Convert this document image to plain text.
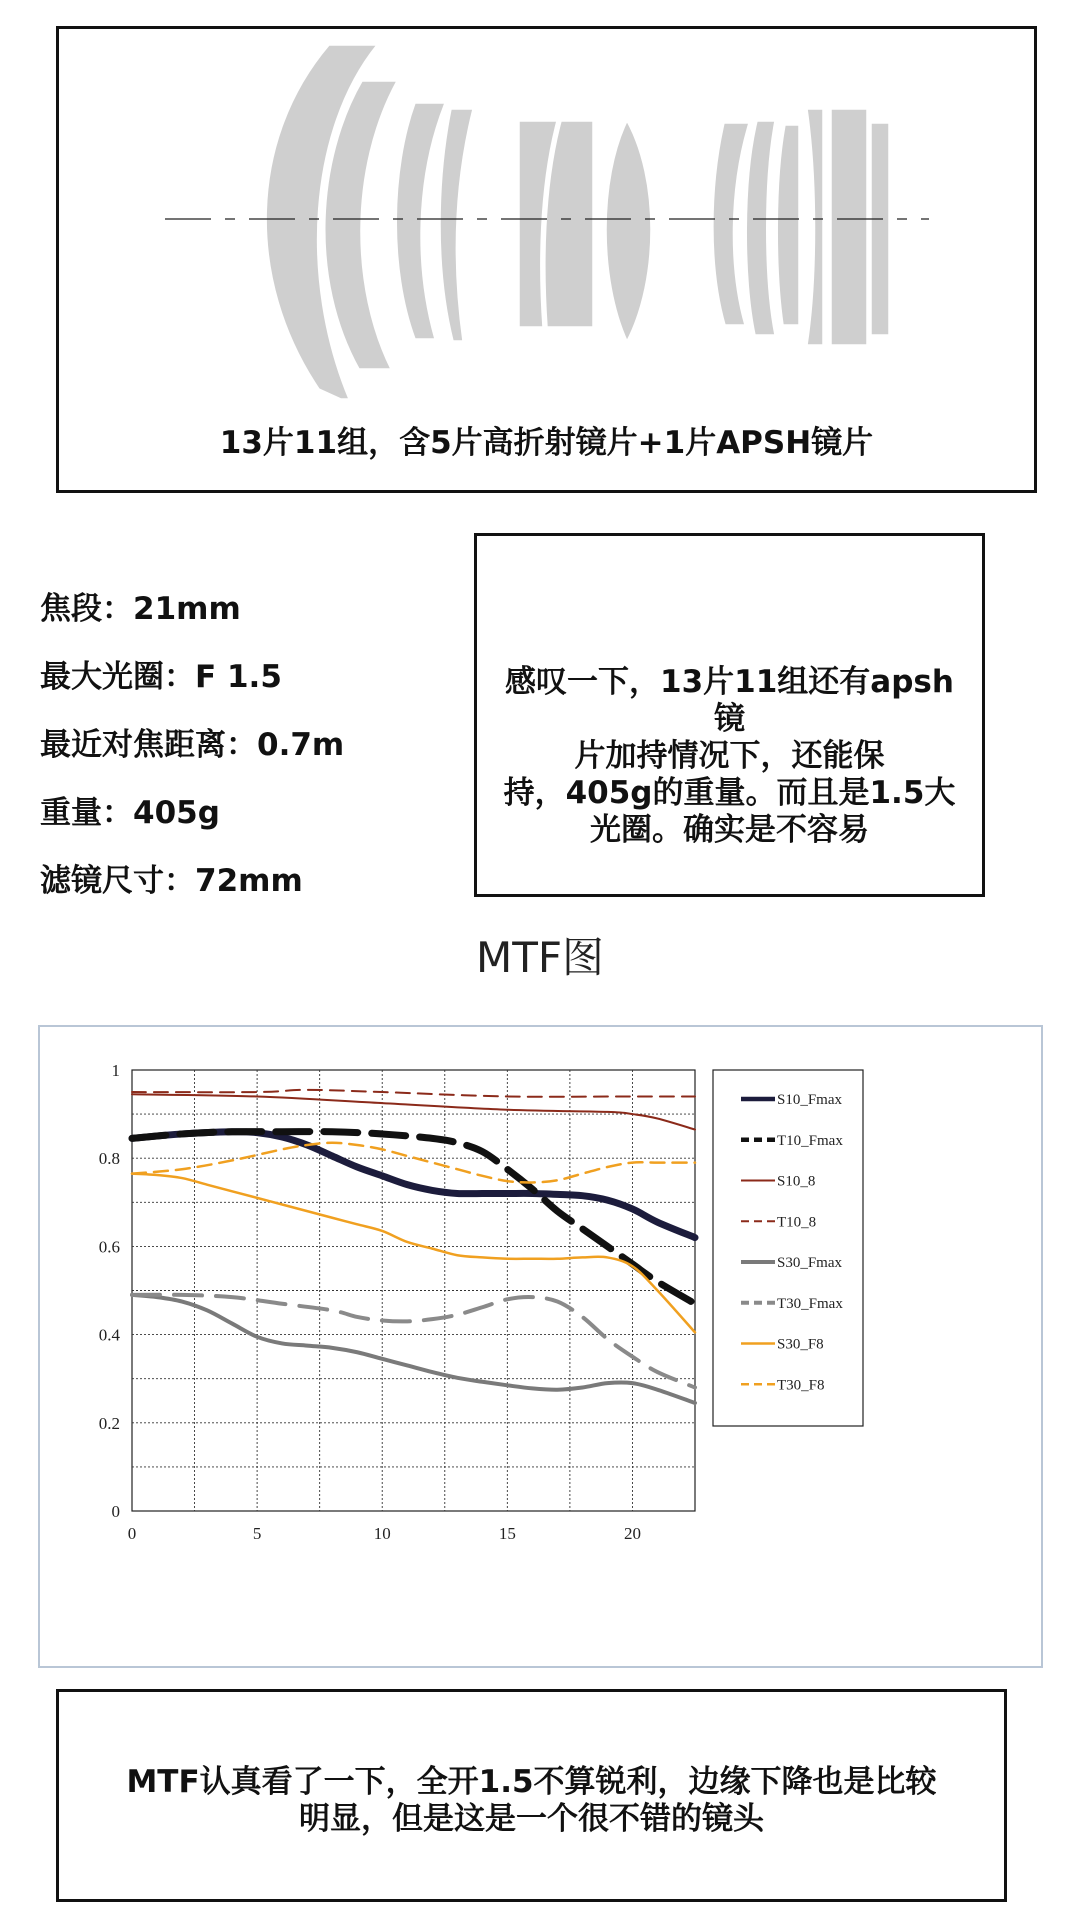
13片11组，含5片高折射镜片+1片APSH镜片
焦段：21mm
最大光圈：F 1.5
最近对焦距离：0.7m
重量：405g
滤镜尺寸：72mm
感叹一下，13片11组还有apsh镜
片加持情况下，还能保
持，405g的重量。而且是1.5大
光圈。确实是不容易
MTF图
0	5	10	15	20
0
0.2
0.4
0.6
0.8
1
S10_Fmax
T10_Fmax
S10_8
T10_8
S30_Fmax
T30_Fmax
S30_F8
T30_F8
MTF认真看了一下，全开1.5不算锐利，边缘下降也是比较
明显，但是这是一个很不错的镜头
